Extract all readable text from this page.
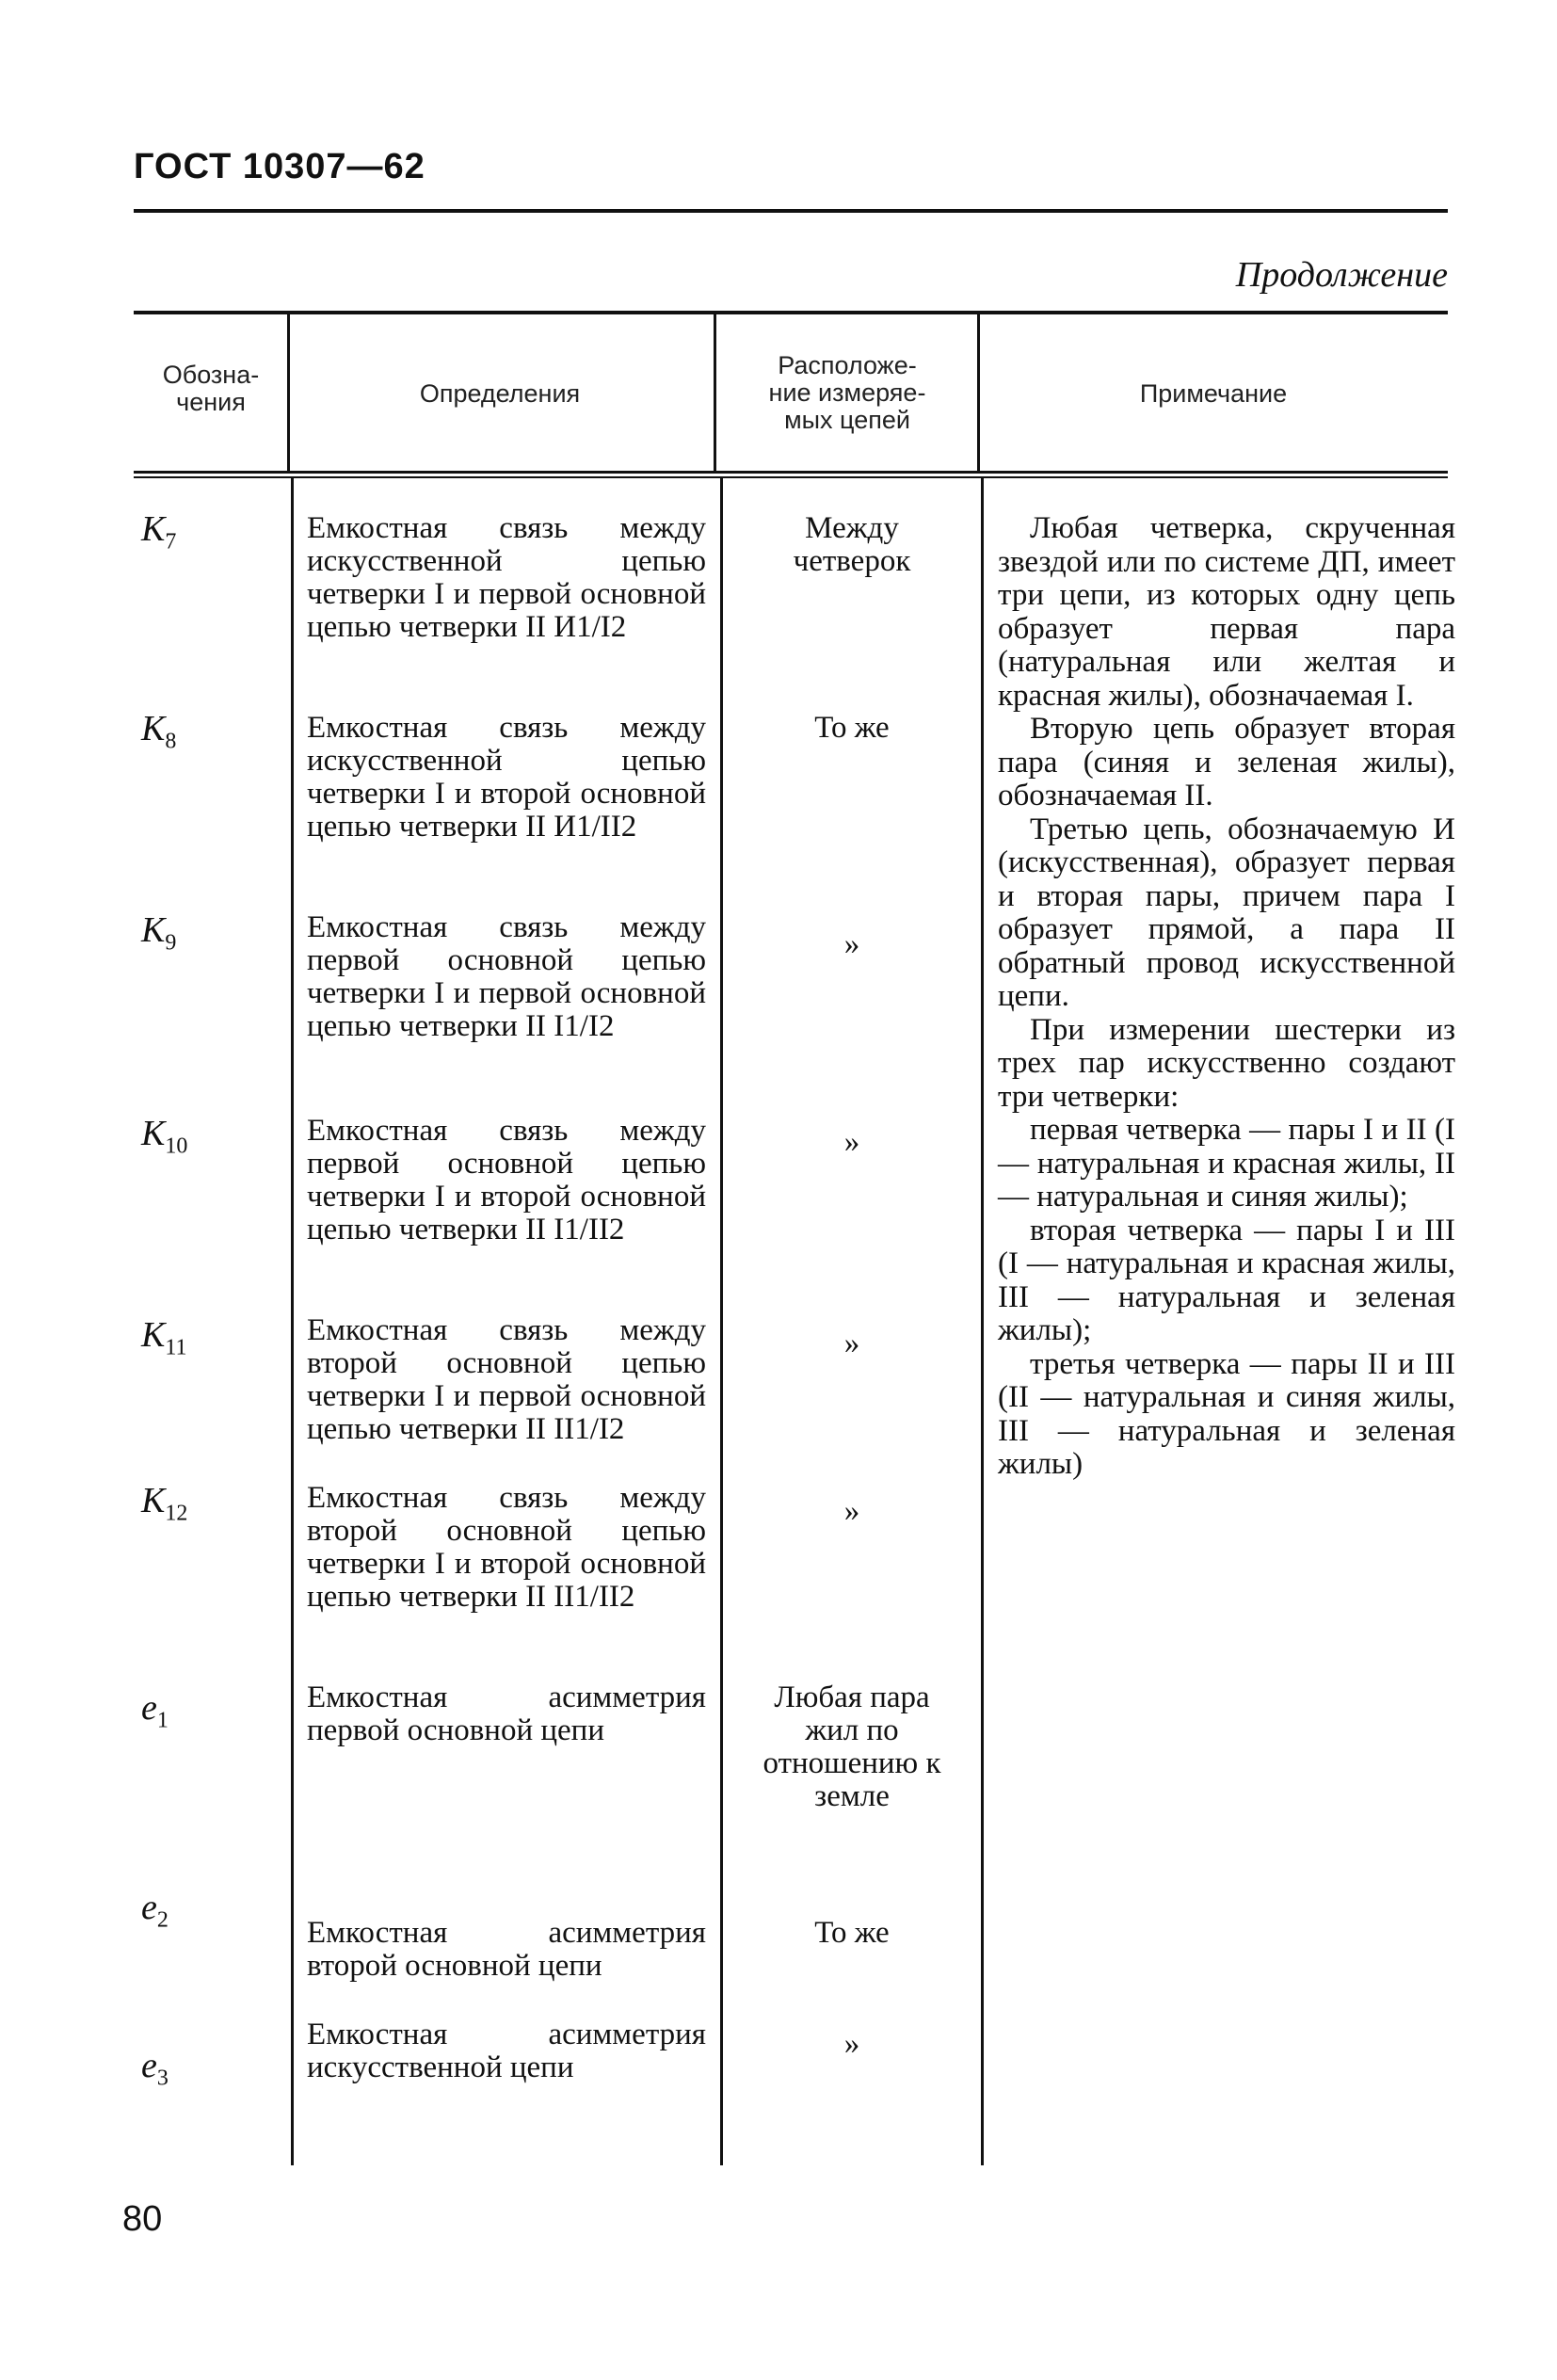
ГОСТ 10307—62
Продолжение
Обозна-
чения	Определения
Расположе-
ние измеряе-
мых цепей
Примечание
$K_7$
$K_8$
$K_9$
$K_{10}$
$K_{11}$
$K_{12}$
$e_1$
$e_2$
$e_3$
Емкостная связь между искусственной цепью четверки I и первой основной цепью четверки II И1/I2
Емкостная связь между искусственной цепью четверки I и второй основной цепью четверки II И1/II2
Емкостная связь между первой основной цепью четверки I и первой основной цепью четверки II I1/I2
Емкостная связь между первой основной цепью четверки I и второй основной цепью четверки II I1/II2
Емкостная связь между второй основной цепью четверки I и первой основной цепью четверки II II1/I2
Емкостная связь между второй основной цепью четверки I и второй основной цепью четверки II II1/II2
Емкостная асимметрия первой основной цепи
Емкостная асимметрия второй основной цепи
Емкостная асимметрия искусственной цепи
Между четверок
То же
»
»
»
»
Любая пара жил по отношению к земле
То же
»

Любая четверка, скрученная звездой или по системе ДП, имеет три цепи, из которых одну цепь образует первая пара (натуральная или желтая и красная жилы), обозначаемая I.

Вторую цепь образует вторая пара (синяя и зеленая жилы), обозначаемая II.

Третью цепь, обозначаемую И (искусственная), образует первая и вторая пары, причем пара I образует прямой, а пара II обратный провод искусственной цепи.

При измерении шестерки из трех пар искусственно создают три четверки:

первая четверка — пары I и II (I — натуральная и красная жилы, II — натуральная и синяя жилы);

вторая четверка — пары I и III (I — натуральная и красная жилы, III — натуральная и зеленая жилы);

третья четверка — пары II и III (II — натуральная и синяя жилы, III — натуральная и зеленая жилы)

80
